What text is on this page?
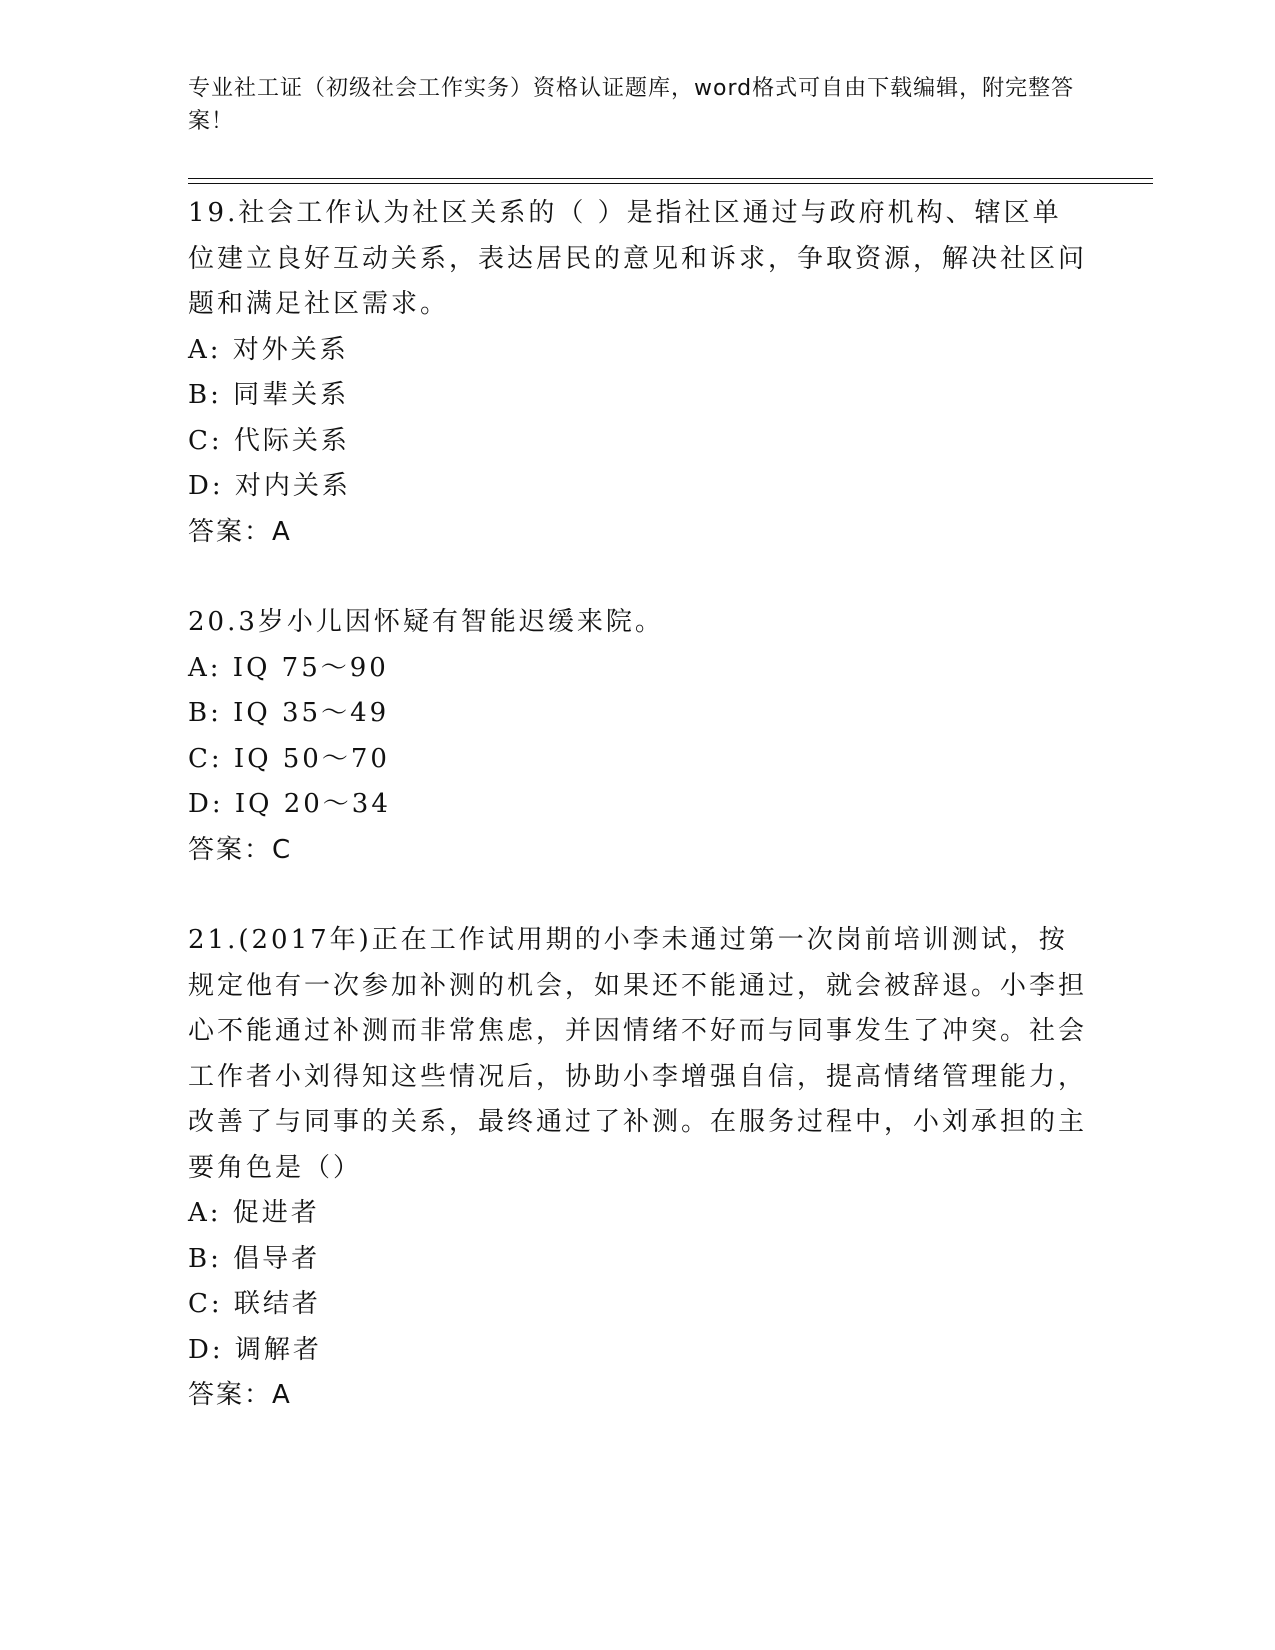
专业社工证（初级社会工作实务）资格认证题库，word格式可自由下载编辑，附完整答案！
19.社会工作认为社区关系的（ ）是指社区通过与政府机构、辖区单位建立良好互动关系，表达居民的意见和诉求，争取资源，解决社区问题和满足社区需求。
A: 对外关系
B: 同辈关系
C: 代际关系
D: 对内关系
答案：A
20.3岁小儿因怀疑有智能迟缓来院。
A: IQ 75～90
B: IQ 35～49
C: IQ 50～70
D: IQ 20～34
答案：C
21.(2017年)正在工作试用期的小李未通过第一次岗前培训测试，按规定他有一次参加补测的机会，如果还不能通过，就会被辞退。小李担心不能通过补测而非常焦虑，并因情绪不好而与同事发生了冲突。社会工作者小刘得知这些情况后，协助小李增强自信，提高情绪管理能力，改善了与同事的关系，最终通过了补测。在服务过程中，小刘承担的主要角色是（）
A: 促进者
B: 倡导者
C: 联结者
D: 调解者
答案：A
